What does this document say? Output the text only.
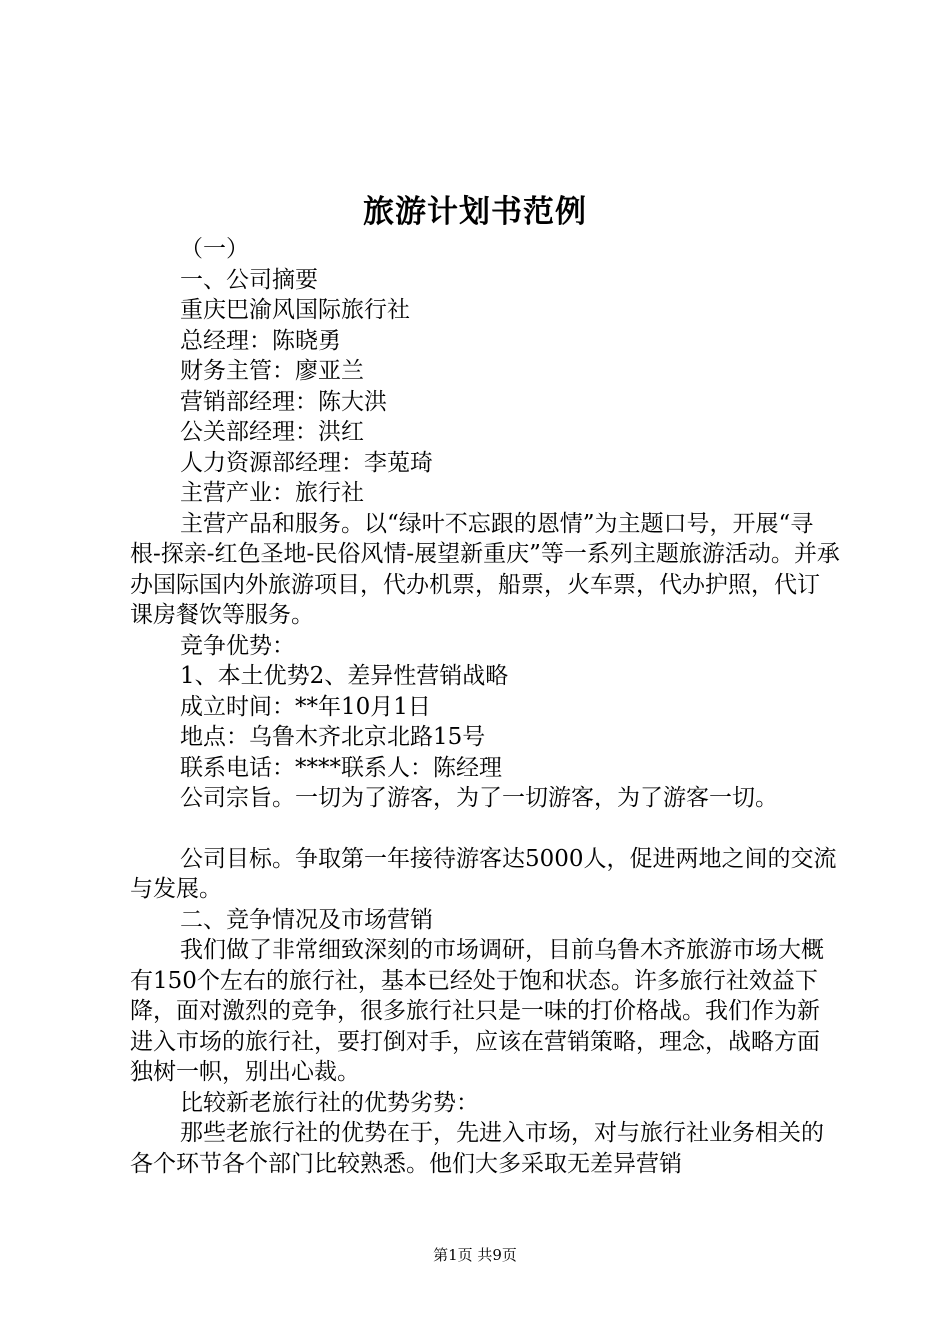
旅游计划书范例

（一）

一、公司摘要

重庆巴渝风国际旅行社

总经理：陈晓勇

财务主管：廖亚兰

营销部经理：陈大洪

公关部经理：洪红

人力资源部经理：李莵琦

主营产业：旅行社

主营产品和服务。以“绿叶不忘跟的恩情”为主题口号，开展“寻根-探亲-红色圣地-民俗风情-展望新重庆”等一系列主题旅游活动。并承办国际国内外旅游项目，代办机票，船票，火车票，代办护照，代订课房餐饮等服务。

竞争优势：

1、本土优势2、差异性营销战略

成立时间：**年10月1日

地点：乌鲁木齐北京北路15号

联系电话：****联系人：陈经理

公司宗旨。一切为了游客，为了一切游客，为了游客一切。

公司目标。争取第一年接待游客达5000人，促进两地之间的交流与发展。

二、竞争情况及市场营销

我们做了非常细致深刻的市场调研，目前乌鲁木齐旅游市场大概有150个左右的旅行社，基本已经处于饱和状态。许多旅行社效益下降，面对激烈的竞争，很多旅行社只是一味的打价格战。我们作为新进入市场的旅行社，要打倒对手，应该在营销策略，理念，战略方面独树一帜，别出心裁。

比较新老旅行社的优势劣势：

那些老旅行社的优势在于，先进入市场，对与旅行社业务相关的各个环节各个部门比较熟悉。他们大多采取无差异营销

第1页 共9页
